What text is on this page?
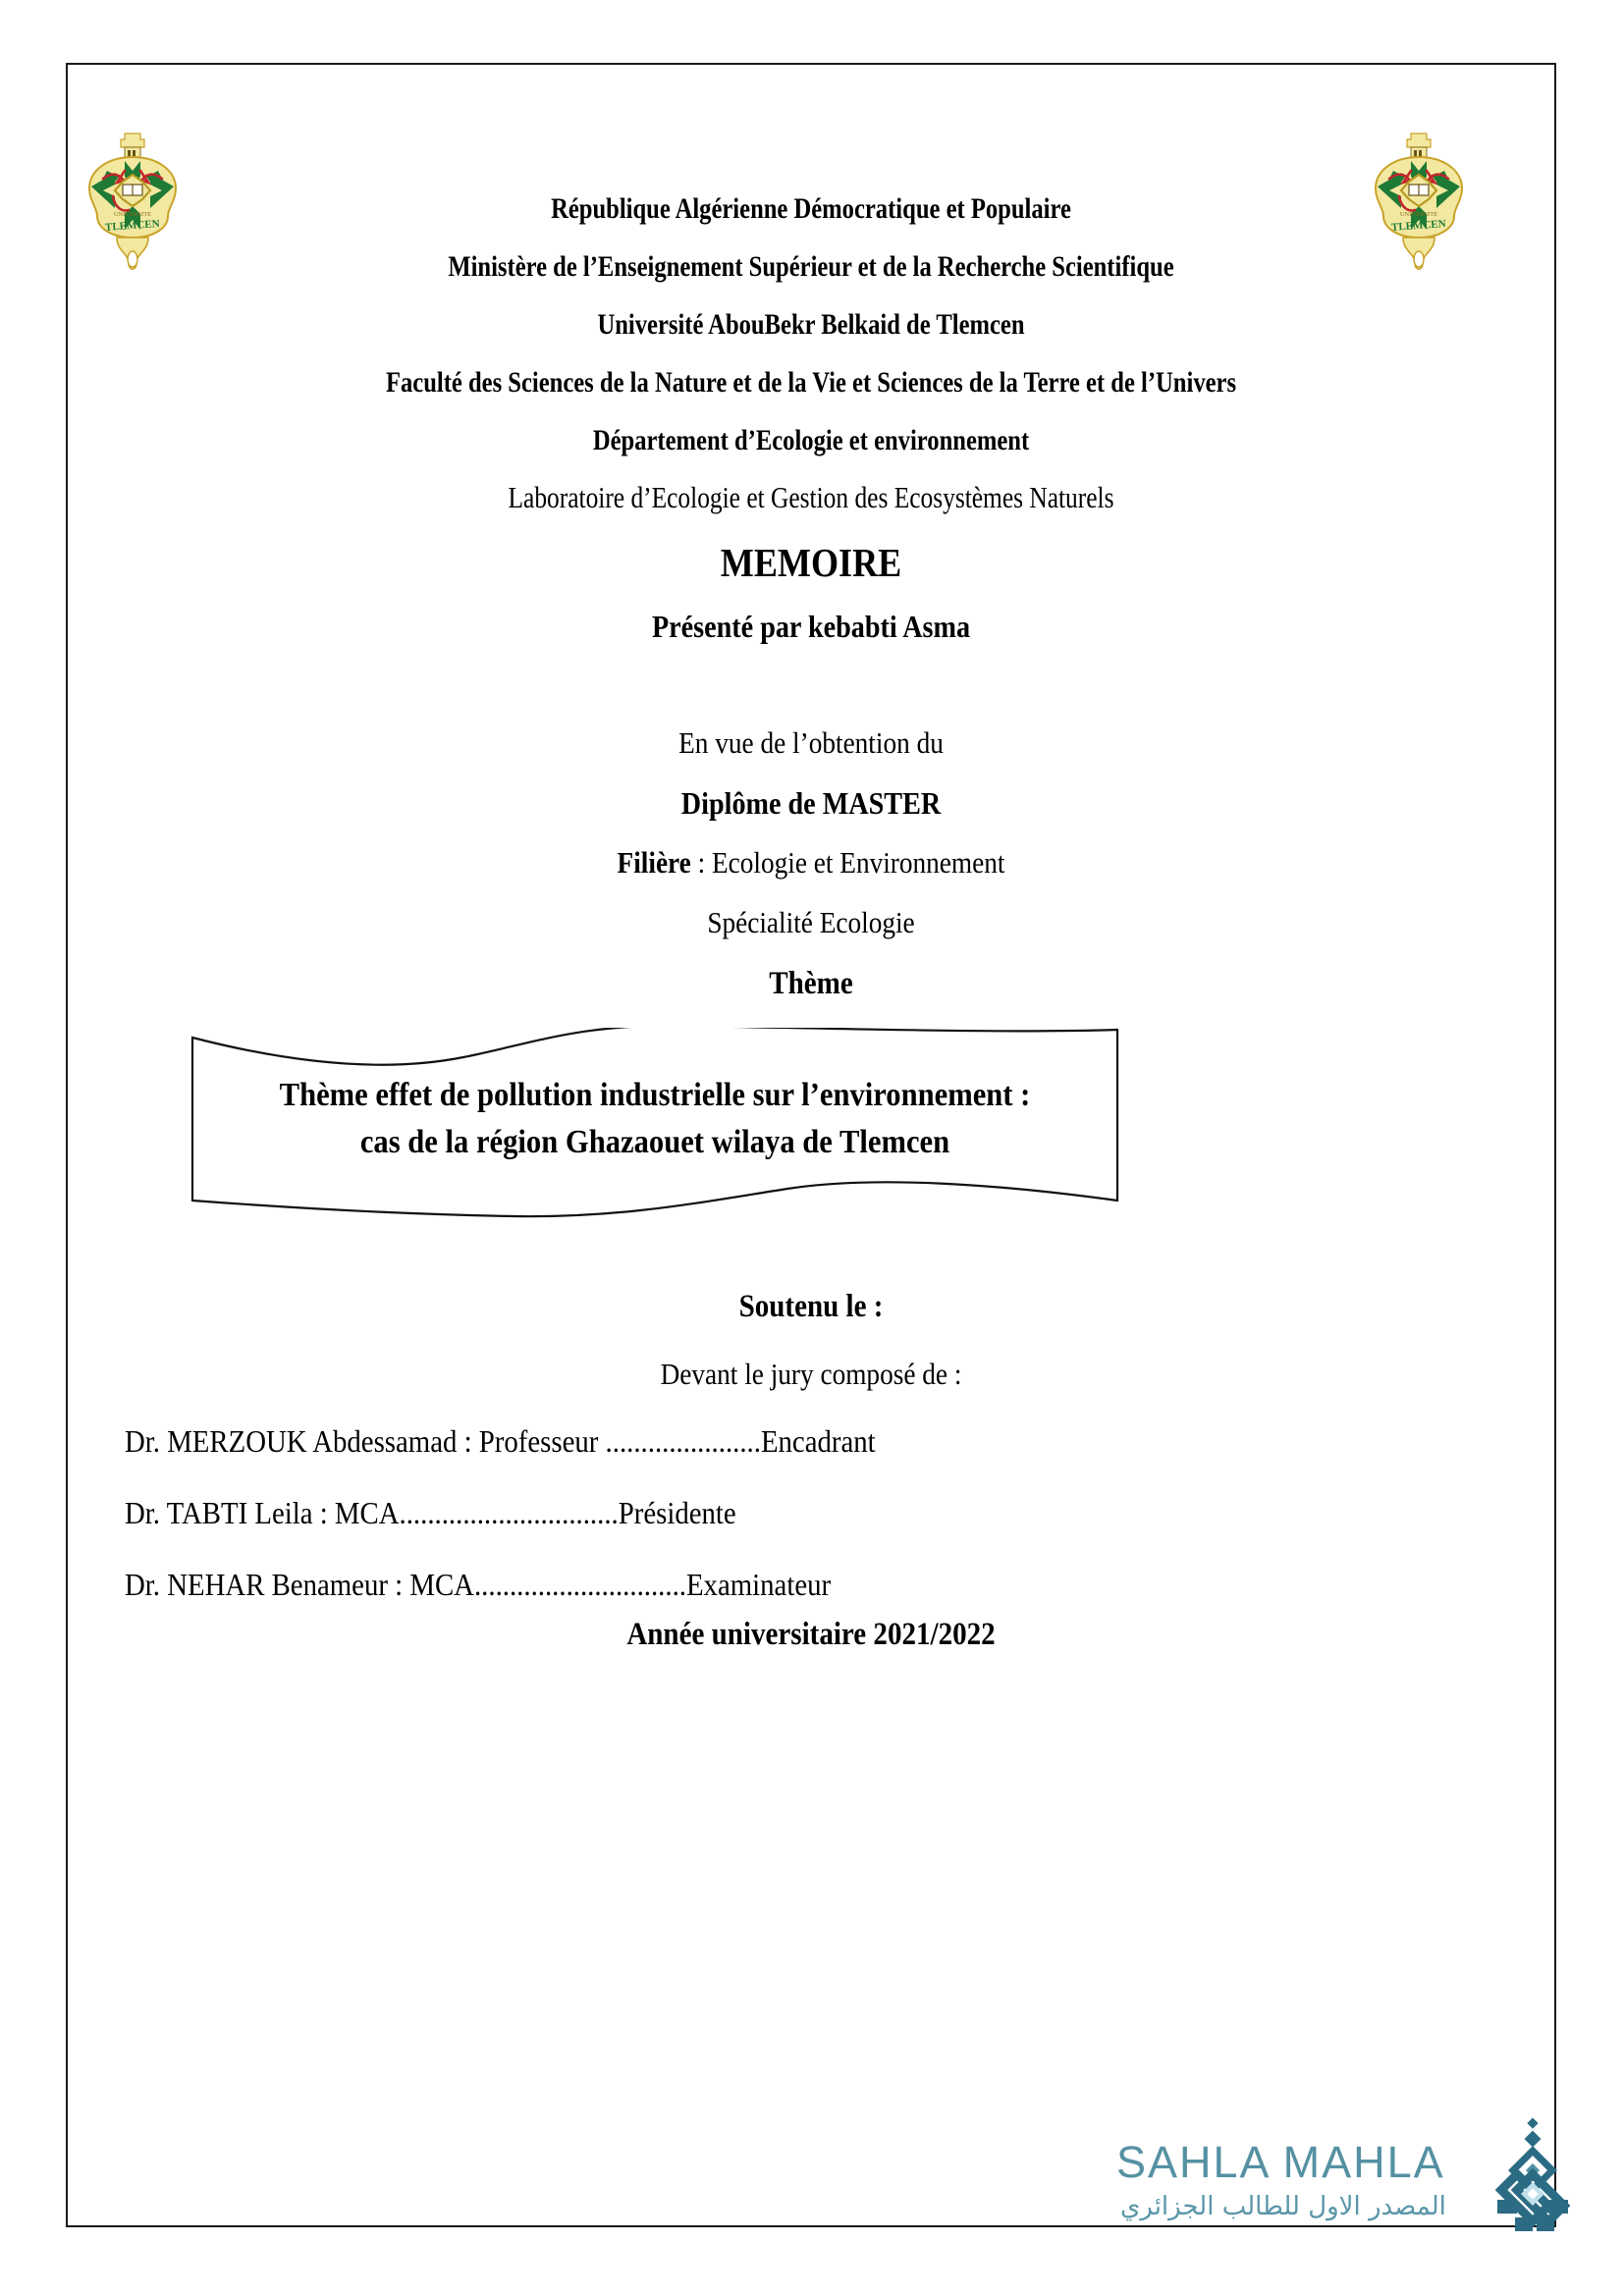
UNIVERSITE
TLEMCEN
UNIVERSITE
TLEMCEN
République Algérienne Démocratique et Populaire
Ministère de l’Enseignement Supérieur et de la Recherche Scientifique
Université AbouBekr Belkaid de Tlemcen
Faculté des Sciences de la Nature et de la Vie et Sciences de la Terre et de l’Univers
Département d’Ecologie et environnement
Laboratoire d’Ecologie et Gestion des Ecosystèmes Naturels
MEMOIRE
Présenté par kebabti Asma
En vue de l’obtention du
Diplôme de MASTER
Filière : Ecologie et Environnement
Spécialité Ecologie
Thème
Thème effet de pollution industrielle sur l’environnement :
cas de la région Ghazaouet wilaya de Tlemcen
Soutenu le :
Devant le jury composé de :
Dr. MERZOUK Abdessamad : Professeur ......................Encadrant
Dr. TABTI Leila : MCA...............................Présidente
Dr. NEHAR Benameur : MCA..............................Examinateur
Année universitaire 2021/2022
SAHLA MAHLA
المصدر الاول للطالب الجزائري
